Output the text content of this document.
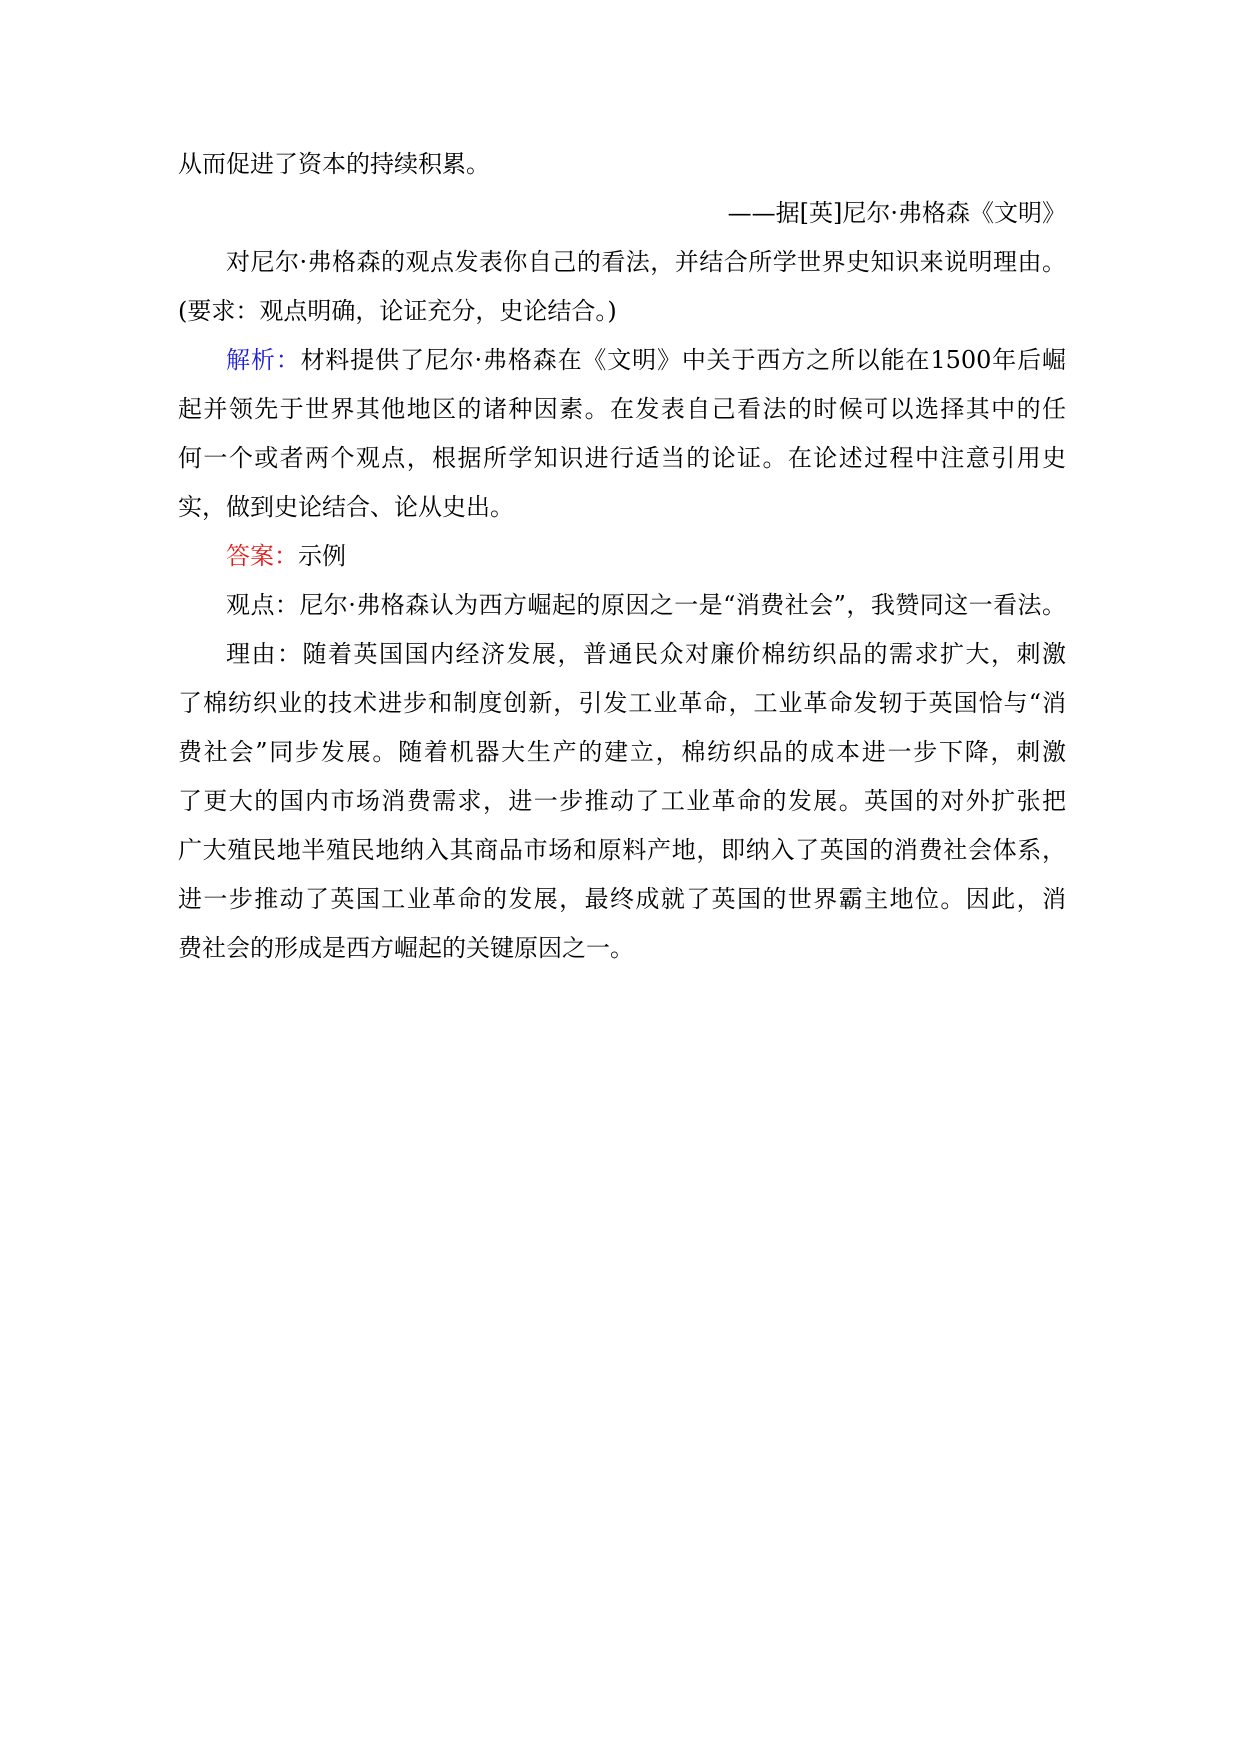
从而促进了资本的持续积累。
——据[英]尼尔·弗格森《文明》
对尼尔·弗格森的观点发表你自己的看法，并结合所学世界史知识来说明理由。
(要求：观点明确，论证充分，史论结合。)
解析：材料提供了尼尔·弗格森在《文明》中关于西方之所以能在1500年后崛
起并领先于世界其他地区的诸种因素。在发表自己看法的时候可以选择其中的任
何一个或者两个观点，根据所学知识进行适当的论证。在论述过程中注意引用史
实，做到史论结合、论从史出。
答案：示例
观点：尼尔·弗格森认为西方崛起的原因之一是“消费社会”，我赞同这一看法。
理由：随着英国国内经济发展，普通民众对廉价棉纺织品的需求扩大，刺激
了棉纺织业的技术进步和制度创新，引发工业革命，工业革命发轫于英国恰与“消
费社会”同步发展。随着机器大生产的建立，棉纺织品的成本进一步下降，刺激
了更大的国内市场消费需求，进一步推动了工业革命的发展。英国的对外扩张把
广大殖民地半殖民地纳入其商品市场和原料产地，即纳入了英国的消费社会体系，
进一步推动了英国工业革命的发展，最终成就了英国的世界霸主地位。因此，消
费社会的形成是西方崛起的关键原因之一。
